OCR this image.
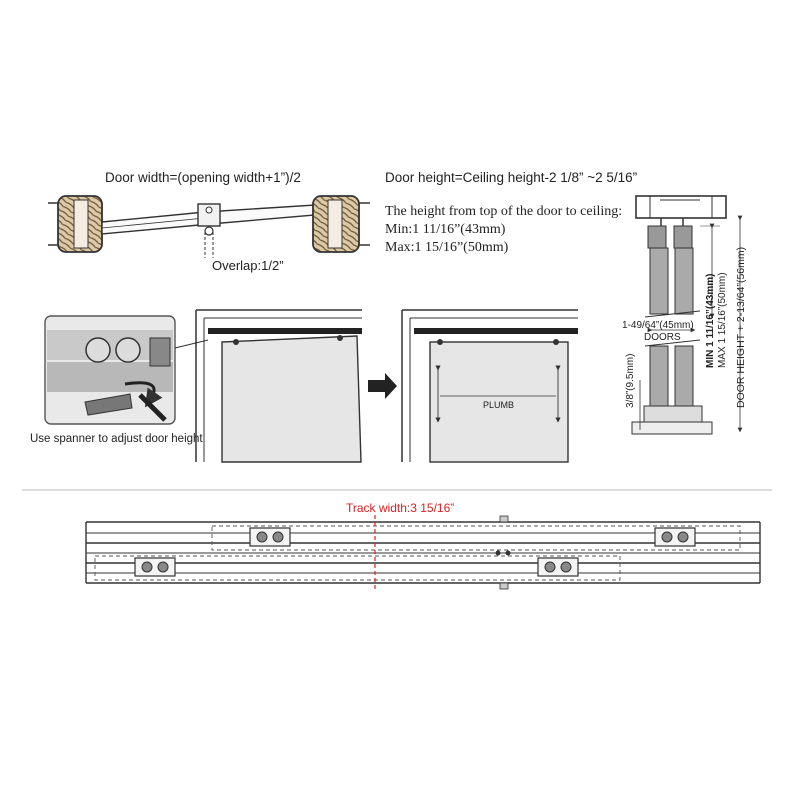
Door width=(opening width+1”)/2
Overlap:1/2”
Door height=Ceiling height-2 1/8” ~2 5/16”
The height from top of the door to ceiling:
Min:1 11/16”(43mm)
Max:1 15/16”(50mm)
1-49/64”(45mm)
DOORS
3/8”(9.5mm)
MIN 1 11/16”(43mm) MAX 1 15/16”(50mm) DOOR HEIGHT + 2-13/64”(56mm)
Use spanner to adjust door height
PLUMB
Track width:3 15/16”
